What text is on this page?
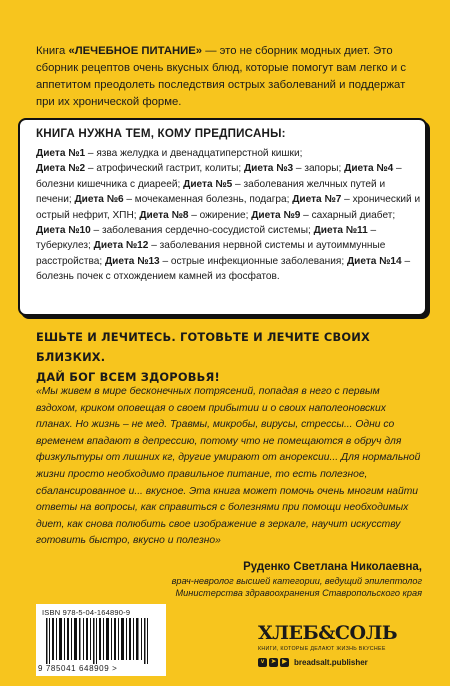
Книга «ЛЕЧЕБНОЕ ПИТАНИЕ» — это не сборник модных диет. Это сборник рецептов очень вкусных блюд, которые помогут вам легко и с аппетитом преодолеть последствия острых заболеваний и поддержат при их хронической форме.
КНИГА НУЖНА ТЕМ, КОМУ ПРЕДПИСАНЫ:
Диета №1 – язва желудка и двенадцатиперстной кишки;
Диета №2 – атрофический гастрит, колиты; Диета №3 – запоры; Диета №4 – болезни кишечника с диареей; Диета №5 – заболевания желчных путей и печени; Диета №6 – мочекаменная болезнь, подагра; Диета №7 – хронический и острый нефрит, ХПН; Диета №8 – ожирение; Диета №9 – сахарный диабет; Диета №10 – заболевания сердечно-сосудистой системы; Диета №11 – туберкулез; Диета №12 – заболевания нервной системы и аутоиммунные расстройства; Диета №13 – острые инфекционные заболевания; Диета №14 – болезнь почек с отхождением камней из фосфатов.
ЕШЬТЕ И ЛЕЧИТЕСЬ. ГОТОВЬТЕ И ЛЕЧИТЕ СВОИХ БЛИЗКИХ.
ДАЙ БОГ ВСЕМ ЗДОРОВЬЯ!
«Мы живем в мире бесконечных потрясений, попадая в него с первым вздохом, криком оповещая о своем прибытии и о своих наполеоновских планах. Но жизнь – не мед. Травмы, микробы, вирусы, стрессы... Одни со временем впадают в депрессию, потому что не помещаются в обруч для физкультуры от лишних кг, другие умирают от анорексии... Для нормальной жизни просто необходимо правильное питание, то есть полезное, сбалансированное и... вкусное. Эта книга может помочь очень многим найти ответы на вопросы, как справиться с болезнями при помощи необходимых диет, как снова полюбить свое изображение в зеркале, научит искусству готовить быстро, вкусно и полезно»
Руденко Светлана Николаевна,
врач-невролог высшей категории, ведущий эпилептолог
Министерства здравоохранения Ставропольского края
ISBN 978-5-04-164890-9
9 785041 648909 >
ХЛЕБ&СОЛЬ
КНИГИ, КОТОРЫЕ ДЕЛАЮТ ЖИЗНЬ ВКУСНЕЕ
v	➤	▶ breadsalt.publisher
